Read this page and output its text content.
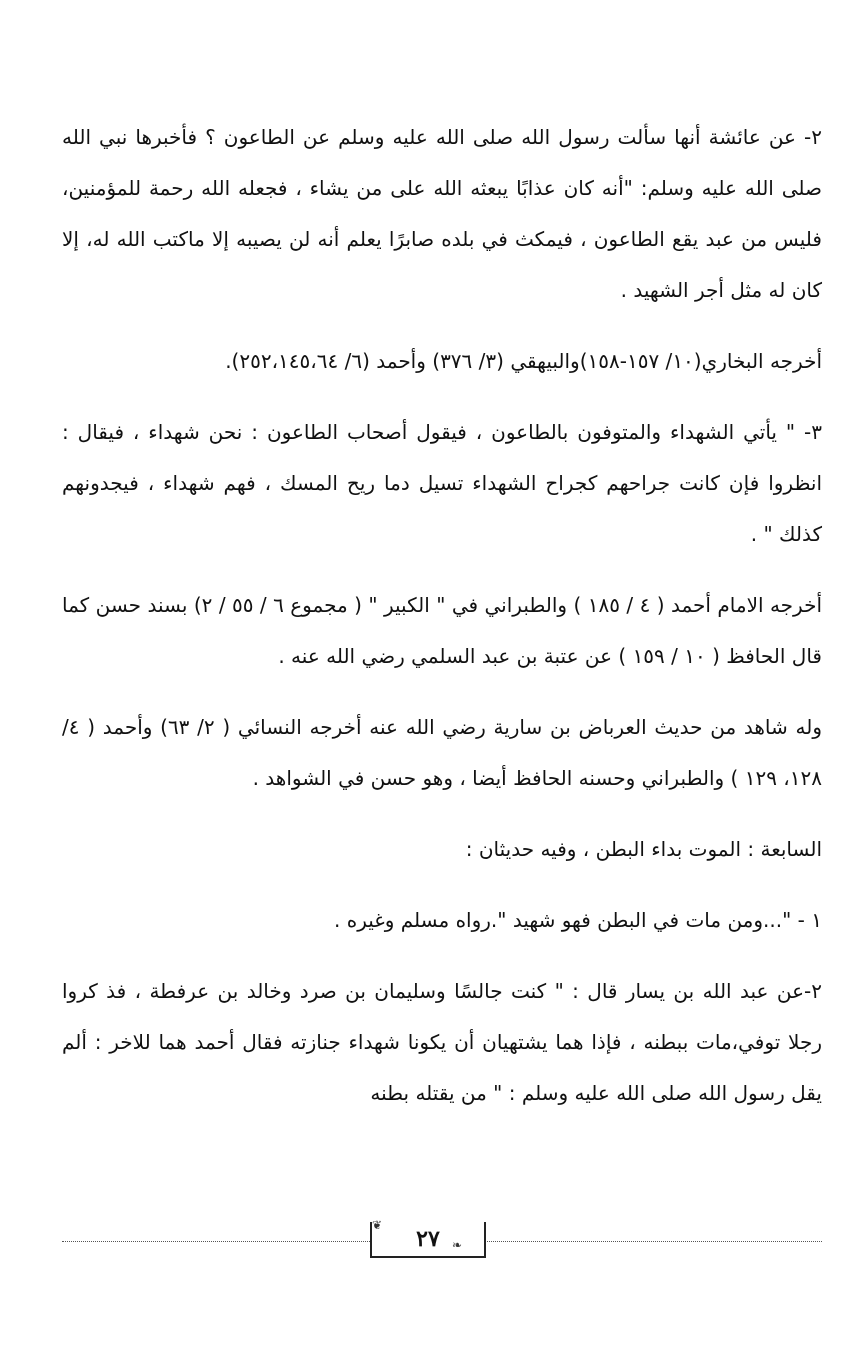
٢- عن عائشة أنها سألت رسول الله صلى الله عليه وسلم عن الطاعون ؟ فأخبرها نبي الله صلى الله عليه وسلم: "أنه كان عذابًا يبعثه الله على من يشاء ، فجعله الله رحمة للمؤمنين، فليس من عبد يقع الطاعون ، فيمكث في بلده صابرًا يعلم أنه لن يصيبه إلا ماكتب الله له، إلا كان له مثل أجر الشهيد .

أخرجه البخاري(١٠/ ١٥٧-١٥٨)والبيهقي (٣/ ٣٧٦) وأحمد (٦/ ٢٥٢،١٤٥،٦٤).

٣- " يأتي الشهداء والمتوفون بالطاعون ، فيقول أصحاب الطاعون : نحن شهداء ، فيقال : انظروا فإن كانت جراحهم كجراح الشهداء تسيل دما ريح المسك ، فهم شهداء ، فيجدونهم كذلك " .

أخرجه الامام أحمد ( ٤ / ١٨٥ ) والطبراني في " الكبير " ( مجموع ٦ / ٥٥ / ٢) بسند حسن كما قال الحافظ ( ١٠ / ١٥٩ ) عن عتبة بن عبد السلمي رضي الله عنه .

وله شاهد من حديث العرباض بن سارية رضي الله عنه أخرجه النسائي ( ٢/ ٦٣) وأحمد ( ٤/ ١٢٨، ١٢٩ ) والطبراني وحسنه الحافظ أيضا ، وهو حسن في الشواهد .

السابعة : الموت بداء البطن ، وفيه حديثان :

١ - "...ومن مات في البطن فهو شهيد ".رواه مسلم وغيره .

٢-عن عبد الله بن يسار قال : " كنت جالسًا وسليمان بن صرد وخالد بن عرفطة ، فذ كروا رجلا توفي،مات ببطنه ، فإذا هما يشتهيان أن يكونا شهداء جنازته فقال أحمد هما للاخر : ألم يقل رسول الله صلى الله عليه وسلم : " من يقتله بطنه

٢٧
❦
❧
